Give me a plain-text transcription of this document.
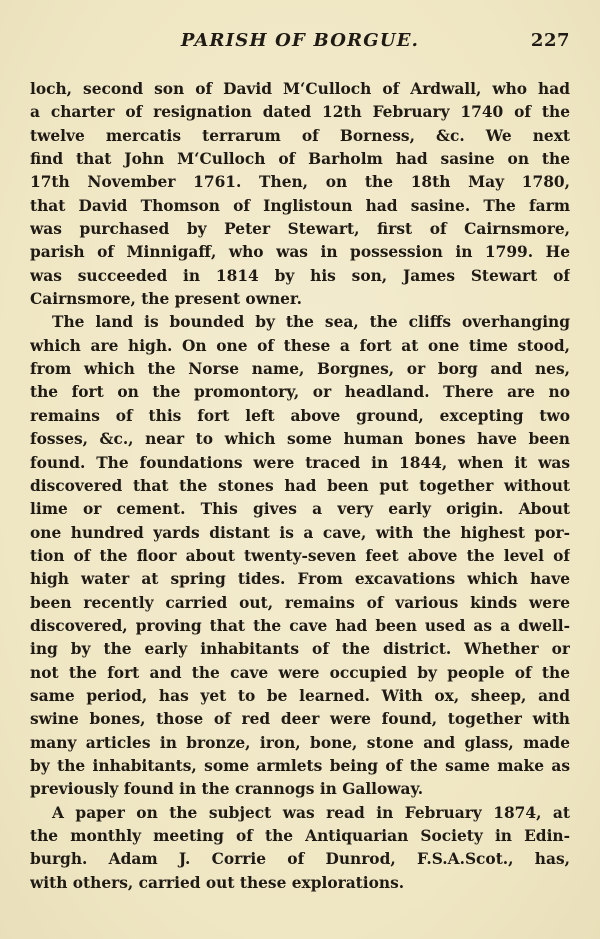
PARISH OF BORGUE.	227
loch, second son of David M‘Culloch of Ardwall, who had
a charter of resignation dated 12th February 1740 of the
twelve mercatis terrarum of Borness, &c. We next
find that John M‘Culloch of Barholm had sasine on the
17th November 1761. Then, on the 18th May 1780,
that David Thomson of Inglistoun had sasine. The farm
was purchased by Peter Stewart, first of Cairnsmore,
parish of Minnigaff, who was in possession in 1799. He
was succeeded in 1814 by his son, James Stewart of
Cairnsmore, the present owner.
The land is bounded by the sea, the cliffs overhanging
which are high. On one of these a fort at one time stood,
from which the Norse name, Borgnes, or borg and nes,
the fort on the promontory, or headland. There are no
remains of this fort left above ground, excepting two
fosses, &c., near to which some human bones have been
found. The foundations were traced in 1844, when it was
discovered that the stones had been put together without
lime or cement. This gives a very early origin. About
one hundred yards distant is a cave, with the highest por-
tion of the floor about twenty-seven feet above the level of
high water at spring tides. From excavations which have
been recently carried out, remains of various kinds were
discovered, proving that the cave had been used as a dwell-
ing by the early inhabitants of the district. Whether or
not the fort and the cave were occupied by people of the
same period, has yet to be learned. With ox, sheep, and
swine bones, those of red deer were found, together with
many articles in bronze, iron, bone, stone and glass, made
by the inhabitants, some armlets being of the same make as
previously found in the crannogs in Galloway.
A paper on the subject was read in February 1874, at
the monthly meeting of the Antiquarian Society in Edin-
burgh. Adam J. Corrie of Dunrod, F.S.A.Scot., has,
with others, carried out these explorations.
